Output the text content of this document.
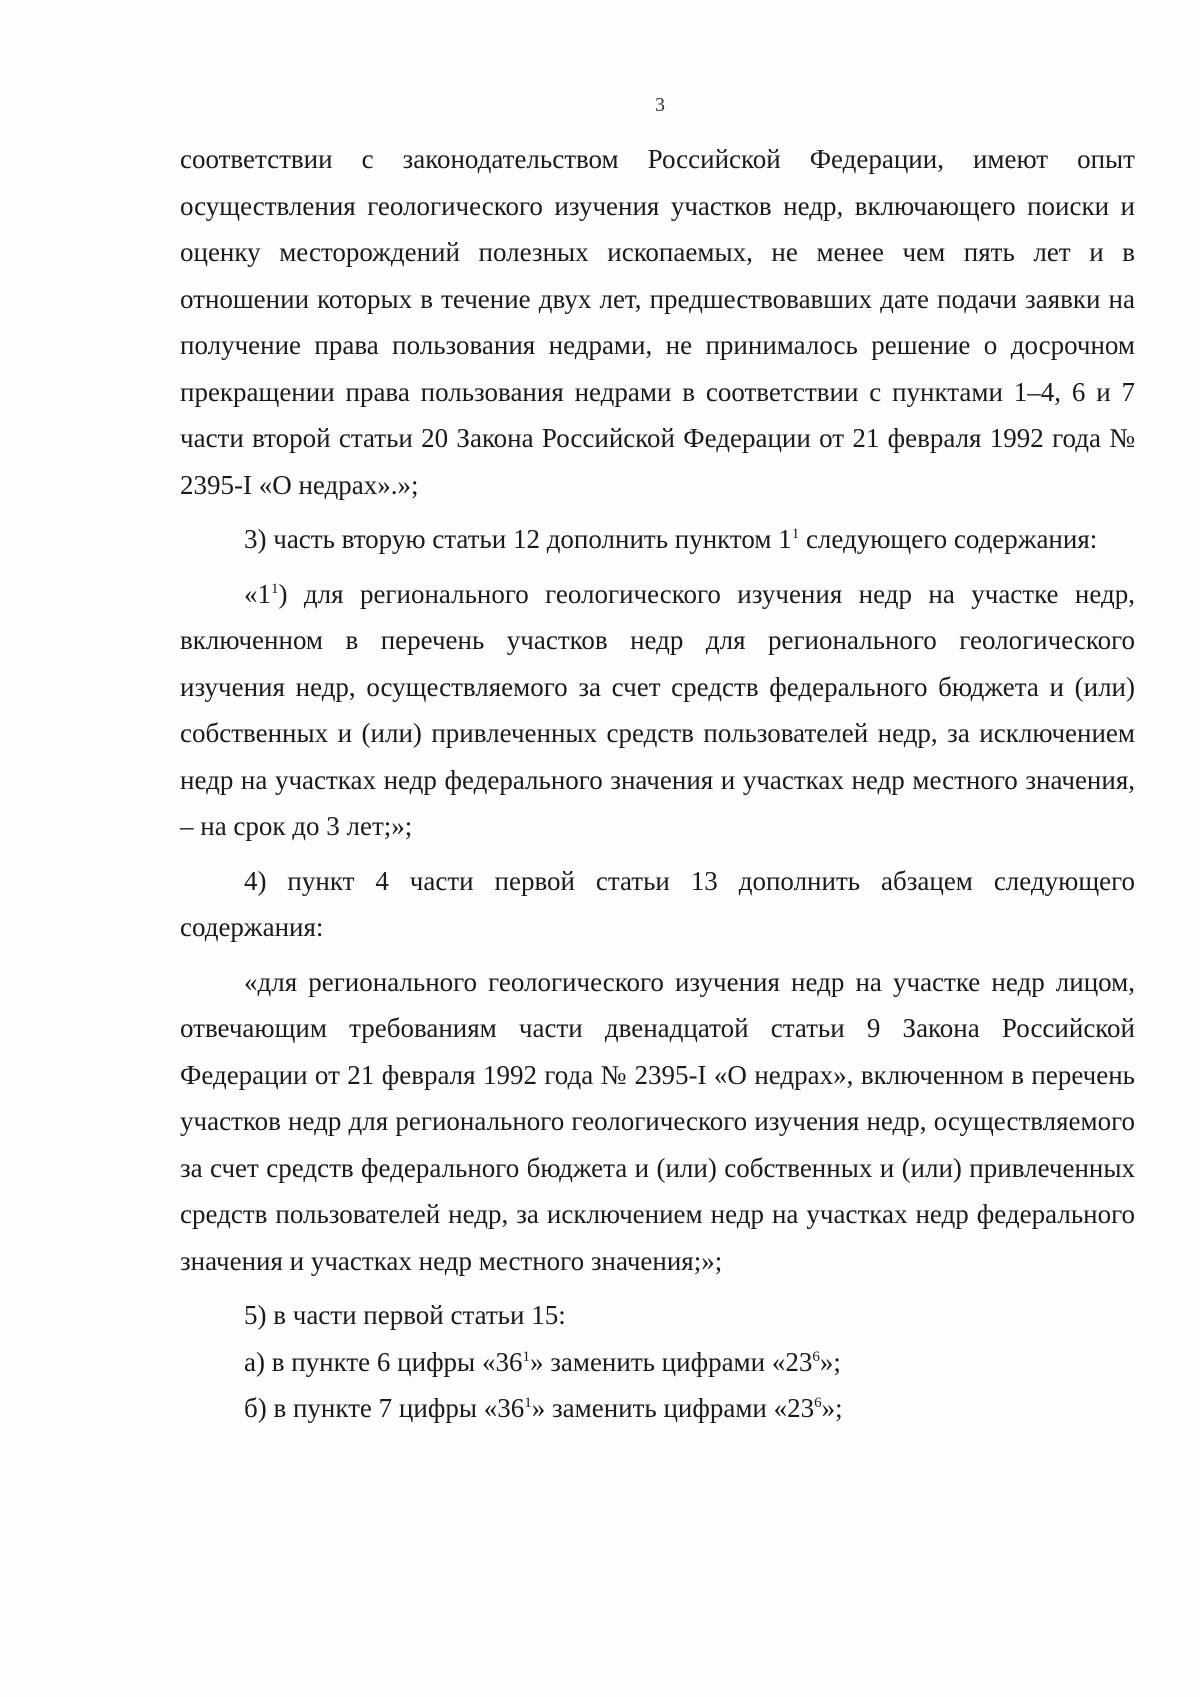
3

соответствии с законодательством Российской Федерации, имеют опыт осуществления геологического изучения участков недр, включающего поиски и оценку месторождений полезных ископаемых, не менее чем пять лет и в отношении которых в течение двух лет, предшествовавших дате подачи заявки на получение права пользования недрами, не принималось решение о досрочном прекращении права пользования недрами в соответствии с пунктами 1–4, 6 и 7 части второй статьи 20 Закона Российской Федерации от 21 февраля 1992 года № 2395-I «О недрах».»;

3) часть вторую статьи 12 дополнить пунктом $1^1$ следующего содержания:

«$1^1$) для регионального геологического изучения недр на участке недр, включенном в перечень участков недр для регионального геологического изучения недр, осуществляемого за счет средств федерального бюджета и (или) собственных и (или) привлеченных средств пользователей недр, за исключением недр на участках недр федерального значения и участках недр местного значения, – на срок до 3 лет;»;

4) пункт 4 части первой статьи 13 дополнить абзацем следующего содержания:

«для регионального геологического изучения недр на участке недр лицом, отвечающим требованиям части двенадцатой статьи 9 Закона Российской Федерации от 21 февраля 1992 года № 2395-I «О недрах», включенном в перечень участков недр для регионального геологического изучения недр, осуществляемого за счет средств федерального бюджета и (или) собственных и (или) привлеченных средств пользователей недр, за исключением недр на участках недр федерального значения и участках недр местного значения;»;

5) в части первой статьи 15:

а) в пункте 6 цифры «$36^1$» заменить цифрами «$23^6$»;

б) в пункте 7 цифры «$36^1$» заменить цифрами «$23^6$»;
